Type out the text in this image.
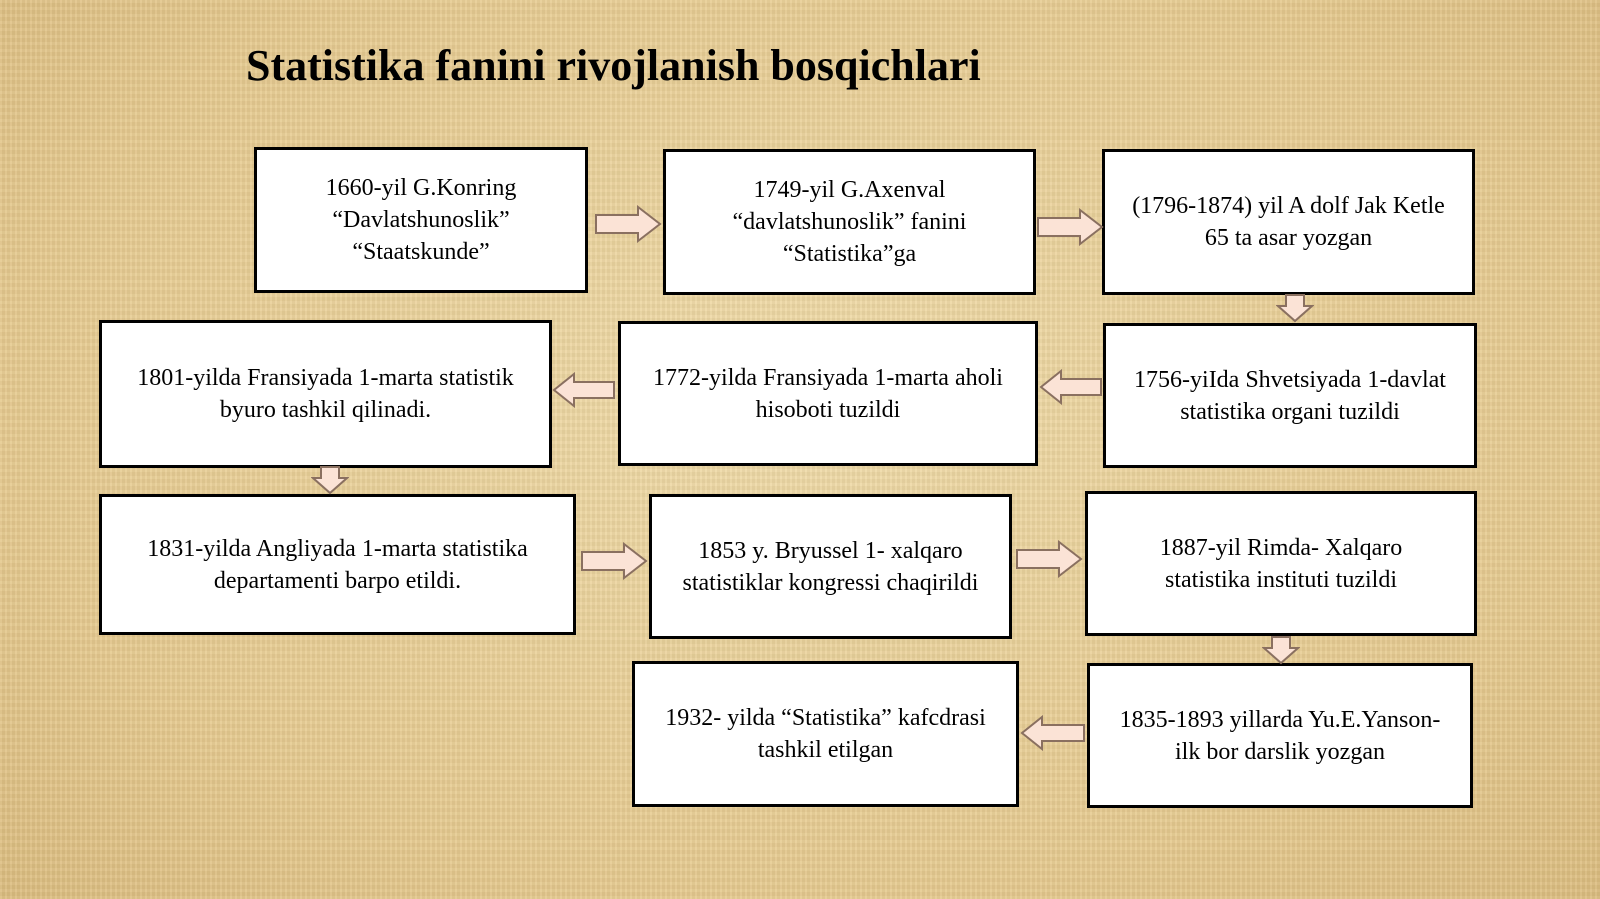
Statistika fanini rivojlanish bosqichlari
1660-yil G.Konring
“Davlatshunoslik”
“Staatskunde”
1749-yil G.Axenval
“davlatshunoslik” fanini
“Statistika”ga
(1796-1874) yil A dolf Jak Ketle
65 ta asar yozgan
1756-yiIda Shvetsiyada 1-davlat
statistika organi tuzildi
1772-yilda Fransiyada 1-marta aholi
hisoboti tuzildi
1801-yilda Fransiyada 1-marta statistik
byuro tashkil qilinadi.
1831-yilda Angliyada 1-marta statistika
departamenti barpo etildi.
1853 y. Bryussel 1- xalqaro
statistiklar kongressi chaqirildi
1887-yil Rimda- Xalqaro
statistika instituti tuzildi
1835-1893 yillarda Yu.E.Yanson-
ilk bor darslik yozgan
1932- yilda “Statistika” kafcdrasi
tashkil etilgan
